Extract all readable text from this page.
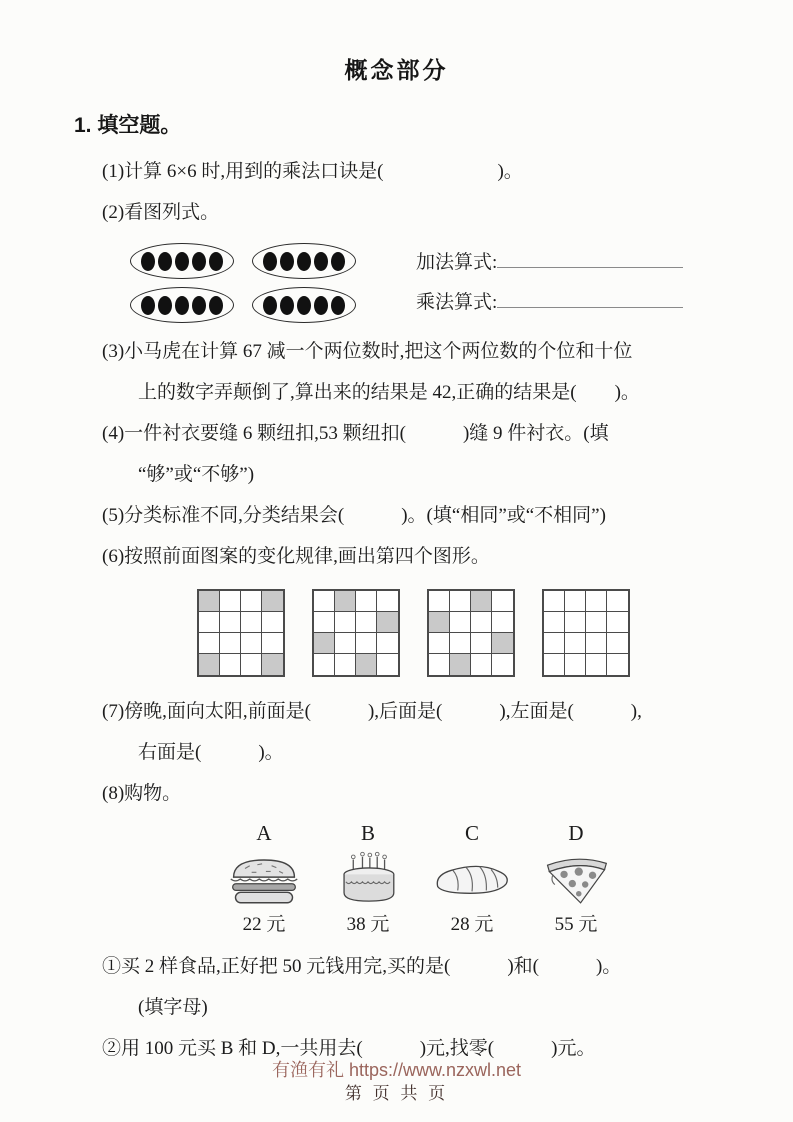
概念部分
1. 填空题。
(1)计算 6×6 时,用到的乘法口诀是(      )。
(2)看图列式。
加法算式:
乘法算式:
(3)小马虎在计算 67 减一个两位数时,把这个两位数的个位和十位
上的数字弄颠倒了,算出来的结果是 42,正确的结果是(  )。
(4)一件衬衣要缝 6 颗纽扣,53 颗纽扣(   )缝 9 件衬衣。(填
“够”或“不够”)
(5)分类标准不同,分类结果会(   )。(填“相同”或“不相同”)
(6)按照前面图案的变化规律,画出第四个图形。
(7)傍晚,面向太阳,前面是(   ),后面是(   ),左面是(   ),
右面是(   )。
(8)购物。
A
22 元
B
38 元
C
28 元
D
55 元
①买 2 样食品,正好把 50 元钱用完,买的是(   )和(   )。
(填字母)
②用 100 元买 B 和 D,一共用去(   )元,找零(   )元。
有渔有礼 https://www.nzxwl.net
第 页 共 页
